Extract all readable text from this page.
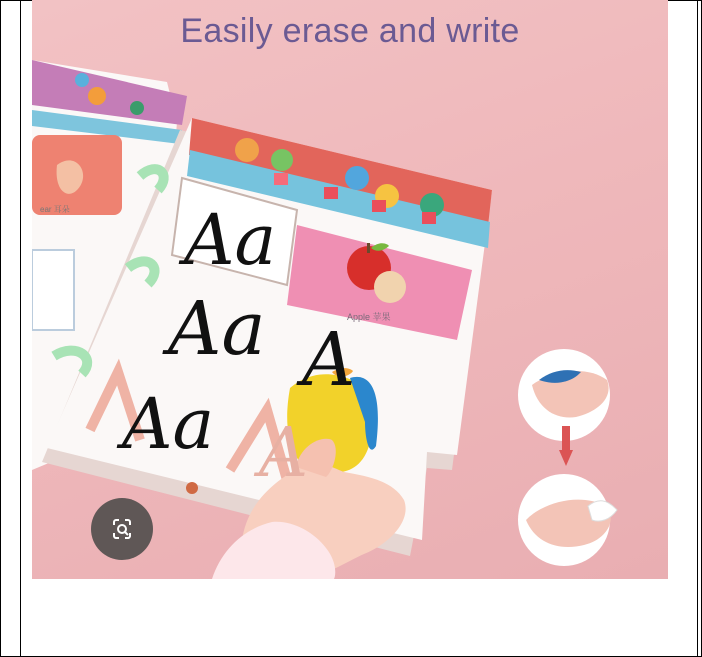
ear 耳朵 Aa
Aa A
Aa A
Apple 苹果
Easily erase and write
